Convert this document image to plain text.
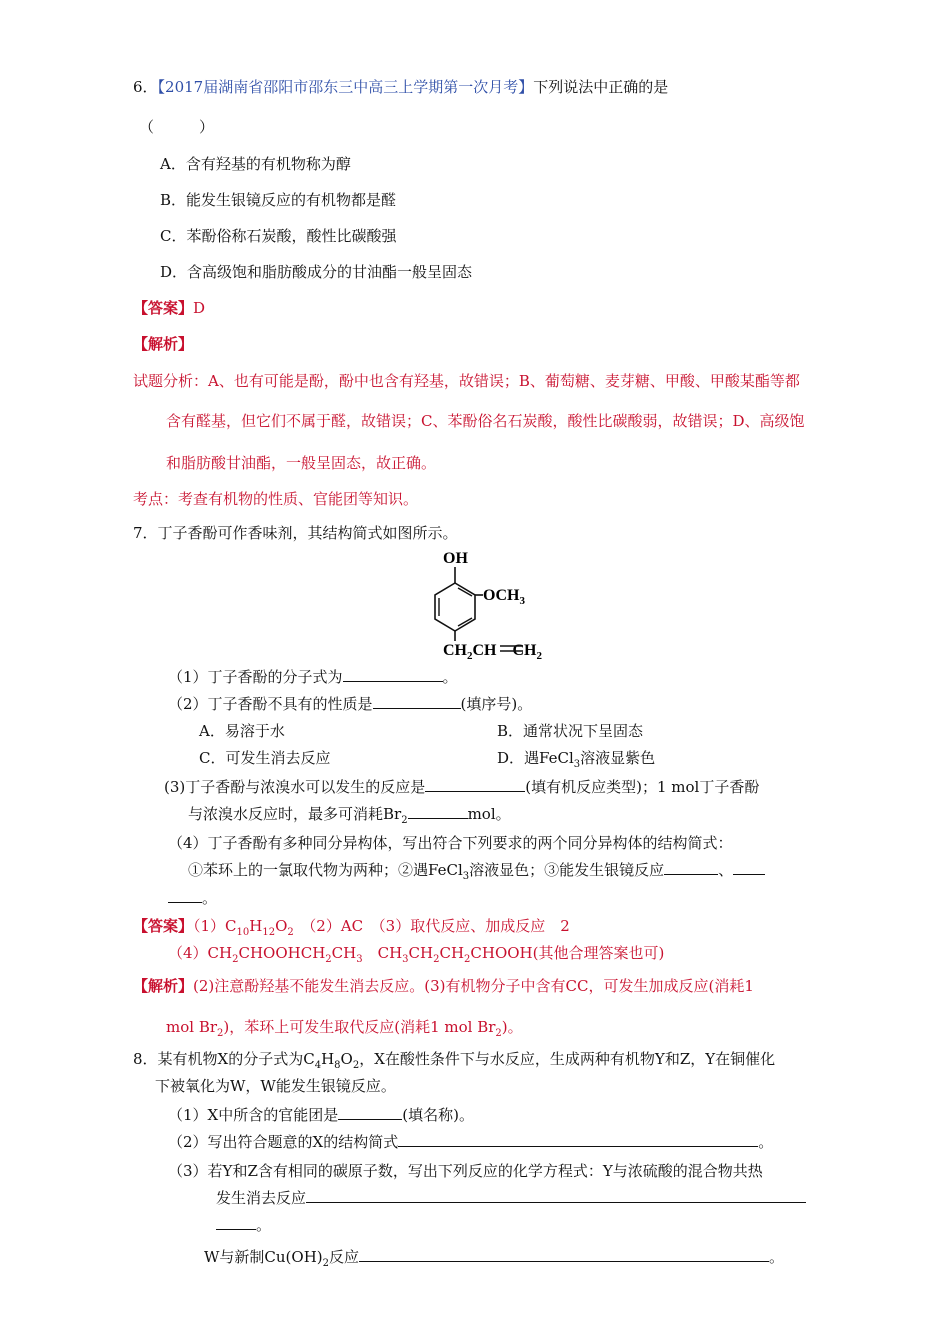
6．【2017届湖南省邵阳市邵东三中高三上学期第一次月考】下列说法中正确的是
（　　　）
A．含有羟基的有机物称为醇
B．能发生银镜反应的有机物都是醛
C．苯酚俗称石炭酸，酸性比碳酸强
D．含高级饱和脂肪酸成分的甘油酯一般呈固态
【答案】D
【解析】
试题分析：A、也有可能是酚，酚中也含有羟基，故错误；B、葡萄糖、麦芽糖、甲酸、甲酸某酯等都
含有醛基，但它们不属于醛，故错误；C、苯酚俗名石炭酸，酸性比碳酸弱，故错误；D、高级饱
和脂肪酸甘油酯，一般呈固态，故正确。
考点：考查有机物的性质、官能团等知识。
7．丁子香酚可作香味剂，其结构简式如图所示。
OH
$OCH_3$
$CH_2CH$ $CH_2$
（1）丁子香酚的分子式为	。
（2）丁子香酚不具有的性质是	(填序号)。
A．易溶于水	B．通常状况下呈固态
C．可发生消去反应	D．遇FeCl$_3$溶液显紫色
(3)丁子香酚与浓溴水可以发生的反应是	(填有机反应类型)；1 mol丁子香酚
与浓溴水反应时，最多可消耗$Br_2$	mol。
（4）丁子香酚有多种同分异构体，写出符合下列要求的两个同分异构体的结构简式：
①苯环上的一氯取代物为两种；②遇FeCl$_3$溶液显色；③能发生银镜反应	、
。
【答案】$(1)C_{10}H_{12}O_2$　（2）AC　（3）取代反应、加成反应　2
$(4)CH_2CHOOHCH_2CH_3$　$CH_3CH_2CH_2CHOOH$(其他合理答案也可)
【解析】(2)注意酚羟基不能发生消去反应。(3)有机物分子中含有CC，可发生加成反应(消耗1
mol $Br_2$)，苯环上可发生取代反应(消耗1 mol $Br_2$)。
8．某有机物X的分子式为$C_4H_8O_2$，X在酸性条件下与水反应，生成两种有机物Y和Z，Y在铜催化
下被氧化为W，W能发生银镜反应。
（1）X中所含的官能团是	(填名称)。
（2）写出符合题意的X的结构简式	。
（3）若Y和Z含有相同的碳原子数，写出下列反应的化学方程式：Y与浓硫酸的混合物共热
发生消去反应
。
W与新制$Cu(OH)_2$反应	。
